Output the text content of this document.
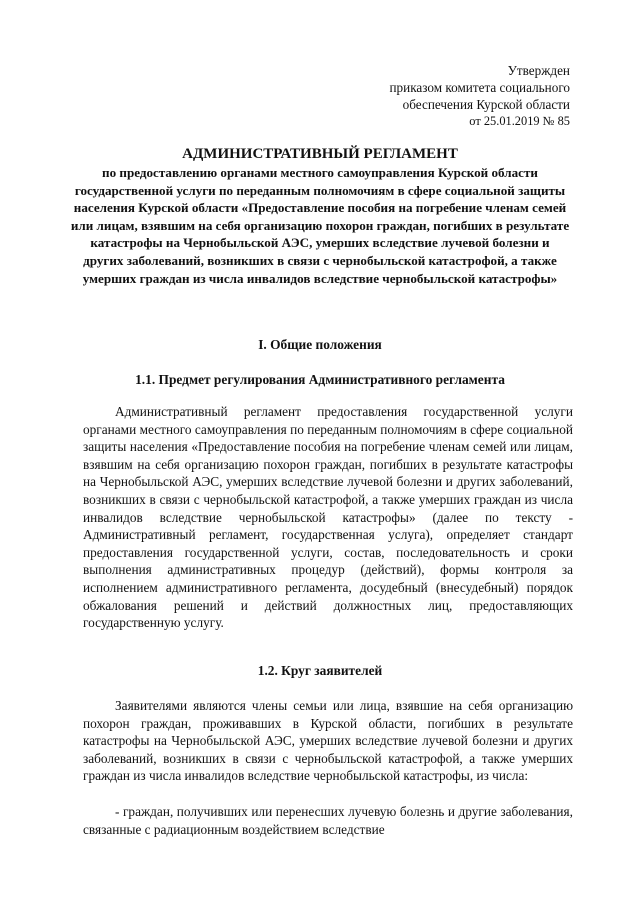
Утвержден
приказом комитета социального
обеспечения Курской области
от 25.01.2019 № 85
АДМИНИСТРАТИВНЫЙ РЕГЛАМЕНТ
по предоставлению органами местного самоуправления Курской области государственной услуги по переданным полномочиям в сфере социальной защиты населения Курской области «Предоставление пособия на погребение членам семей или лицам, взявшим на себя организацию похорон граждан, погибших в результате катастрофы на Чернобыльской АЭС, умерших вследствие лучевой болезни и других заболеваний, возникших в связи с чернобыльской катастрофой, а также умерших граждан из числа инвалидов вследствие чернобыльской катастрофы»
I. Общие положения
1.1. Предмет регулирования Административного регламента
Административный регламент предоставления государственной услуги органами местного самоуправления по переданным полномочиям в сфере социальной защиты населения «Предоставление пособия на погребение членам семей или лицам, взявшим на себя организацию похорон граждан, погибших в результате катастрофы на Чернобыльской АЭС, умерших вследствие лучевой болезни и других заболеваний, возникших в связи с чернобыльской катастрофой, а также умерших граждан из числа инвалидов вследствие чернобыльской катастрофы» (далее по тексту - Административный регламент, государственная услуга), определяет стандарт предоставления государственной услуги, состав, последовательность и сроки выполнения административных процедур (действий), формы контроля за исполнением административного регламента, досудебный (внесудебный) порядок обжалования решений и действий должностных лиц, предоставляющих государственную услугу.
1.2. Круг заявителей
Заявителями являются члены семьи или лица, взявшие на себя организацию похорон граждан, проживавших в Курской области, погибших в результате катастрофы на Чернобыльской АЭС, умерших вследствие лучевой болезни и других заболеваний, возникших в связи с чернобыльской катастрофой, а также умерших граждан из числа инвалидов вследствие чернобыльской катастрофы, из числа:
- граждан, получивших или перенесших лучевую болезнь и другие заболевания, связанные с радиационным воздействием вследствие
